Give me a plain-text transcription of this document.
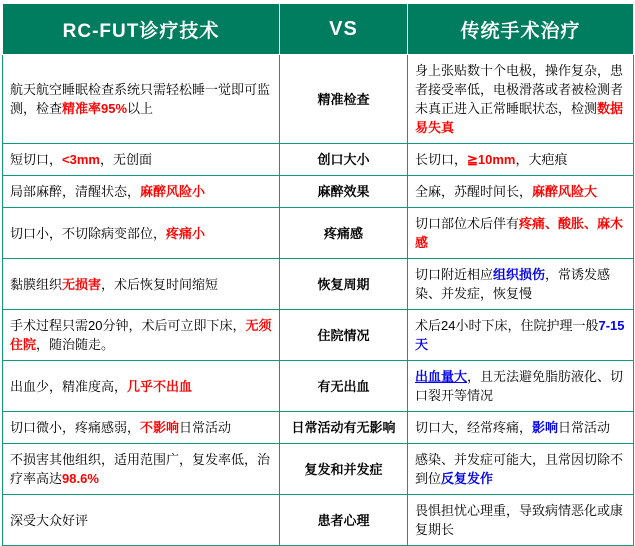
RC-FUT诊疗技术	VS	传统手术治疗
航天航空睡眠检查系统只需轻松睡一觉即可监测，检查精准率95%以上	精准检查	身上张贴数十个电极，操作复杂，患者接受率低，电极滑落或者被检测者未真正进入正常睡眠状态，检测数据易失真
短切口，<3mm，无创面	创口大小	长切口，≧10mm，大疤痕
局部麻醉，清醒状态，麻醉风险小	麻醉效果	全麻，苏醒时间长，麻醉风险大
切口小，不切除病变部位，疼痛小	疼痛感	切口部位术后伴有疼痛、酸胀、麻木感
黏膜组织无损害，术后恢复时间缩短	恢复周期	切口附近相应组织损伤，常诱发感染、并发症，恢复慢
手术过程只需20分钟，术后可立即下床，无须住院，随治随走。	住院情况	术后24小时下床，住院护理一般7-15天
出血少，精准度高，几乎不出血	有无出血	出血量大，且无法避免脂肪液化、切口裂开等情况
切口微小，疼痛感弱，不影响日常活动	日常活动有无影响	切口大，经常疼痛，影响日常活动
不损害其他组织，适用范围广，复发率低，治疗率高达98.6%	复发和并发症	感染、并发症可能大，且常因切除不到位反复发作
深受大众好评	患者心理	畏惧担忧心理重，导致病情恶化或康复期长
